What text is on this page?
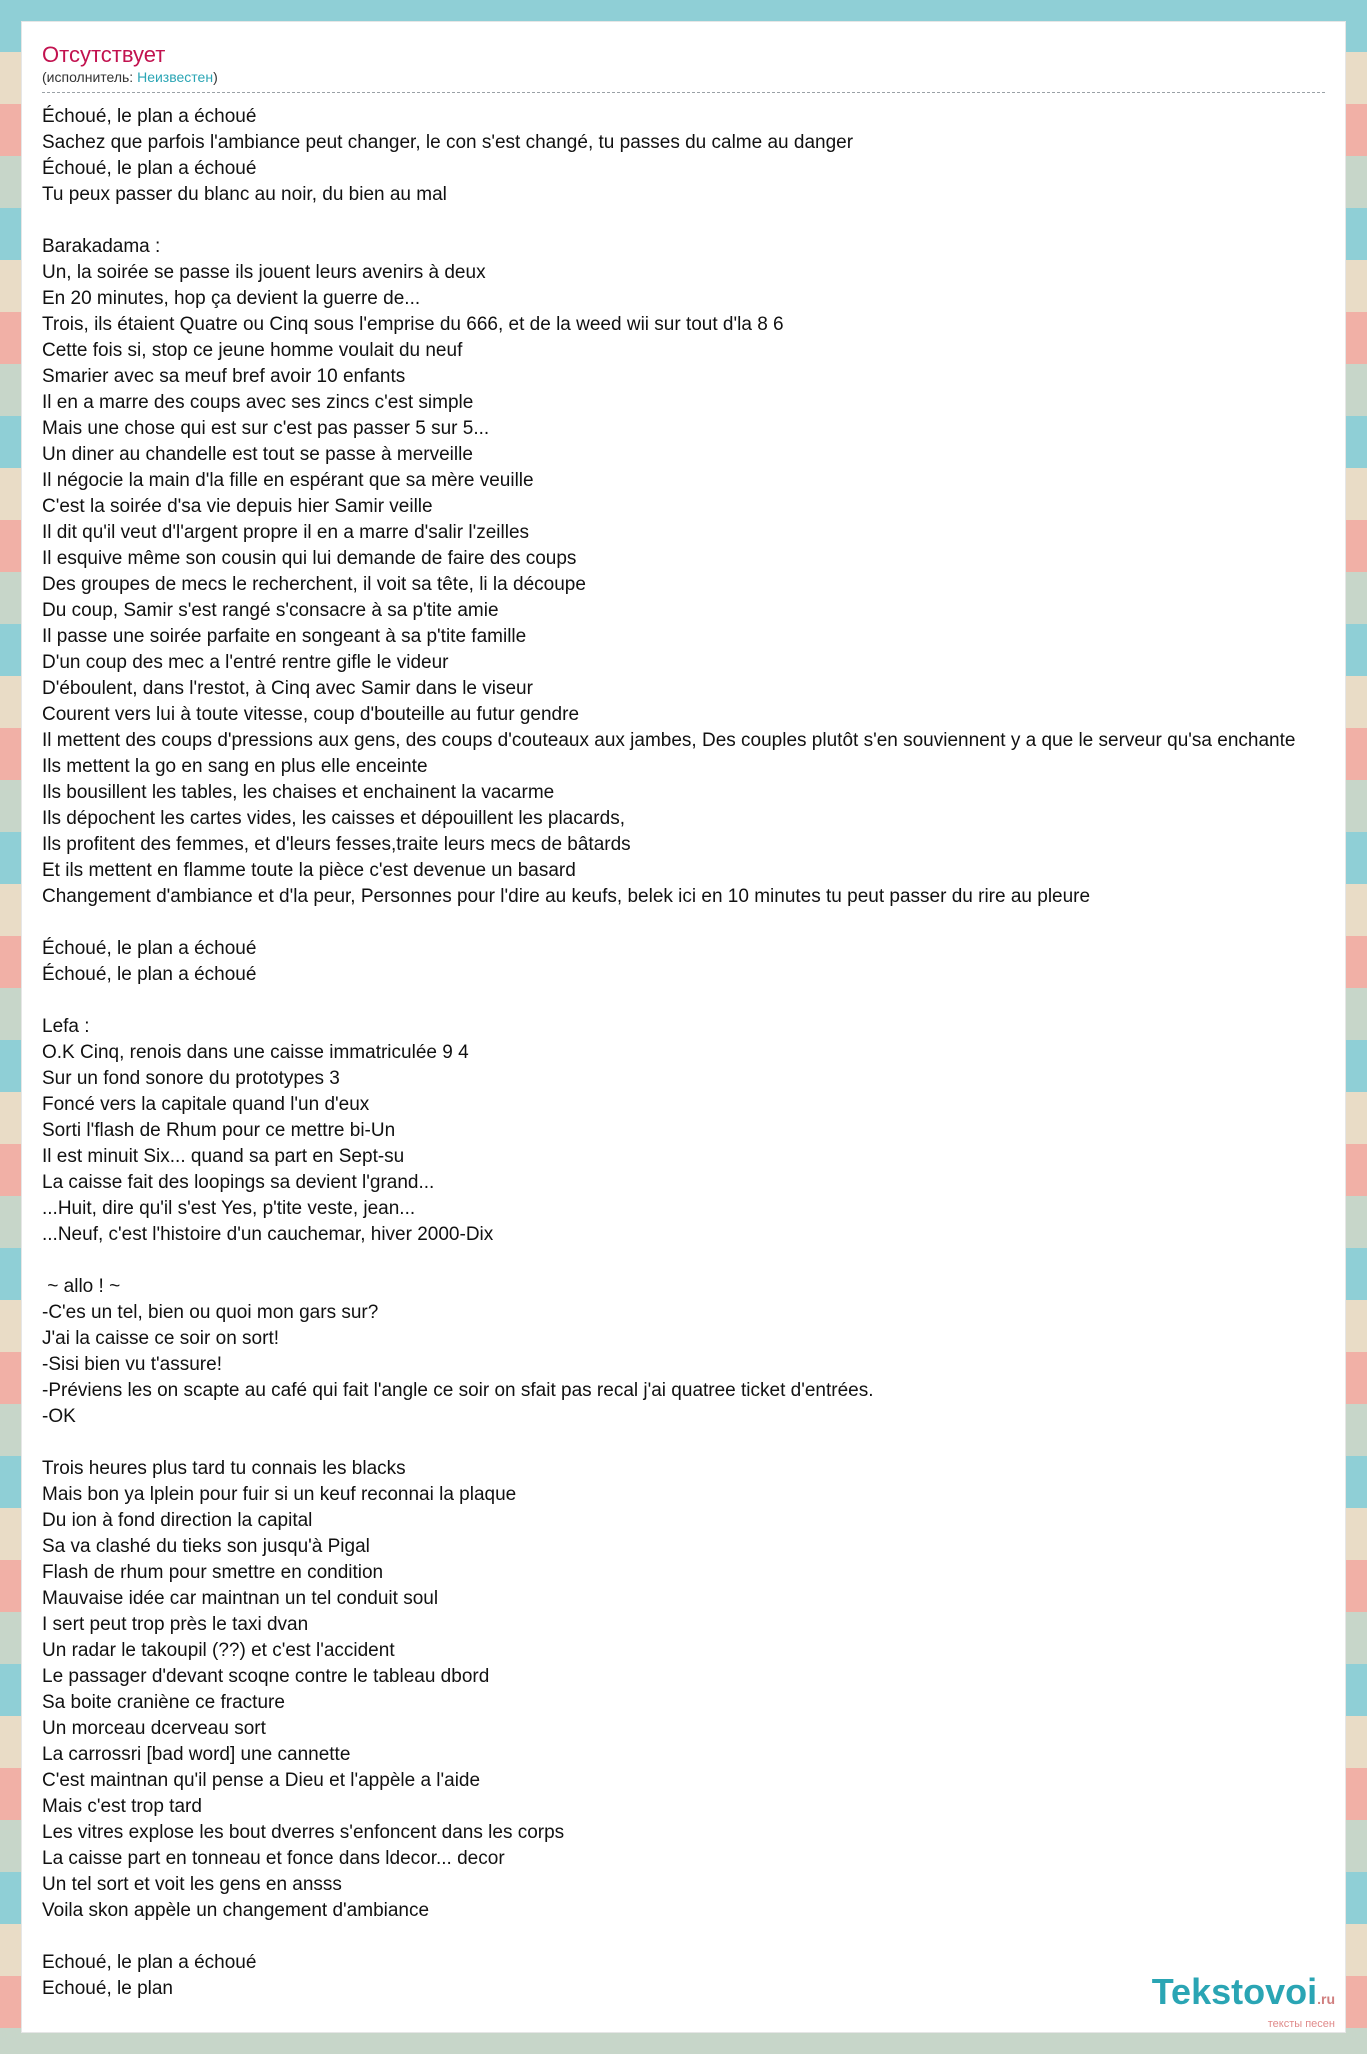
Отсутствует
(исполнитель: Неизвестен)
Échoué, le plan a échoué
Sachez que parfois l'ambiance peut changer, le con s'est changé, tu passes du calme au danger
Échoué, le plan a échoué
Tu peux passer du blanc au noir, du bien au mal
Barakadama :
Un, la soirée se passe ils jouent leurs avenirs à deux
En 20 minutes, hop ça devient la guerre de...
Trois, ils étaient Quatre ou Cinq sous l'emprise du 666, et de la weed wii sur tout d'la 8 6
Cette fois si, stop ce jeune homme voulait du neuf
Smarier avec sa meuf bref avoir 10 enfants
Il en a marre des coups avec ses zincs c'est simple
Mais une chose qui est sur c'est pas passer 5 sur 5...
Un diner au chandelle est tout se passe à merveille
Il négocie la main d'la fille en espérant que sa mère veuille
C'est la soirée d'sa vie depuis hier Samir veille
Il dit qu'il veut d'l'argent propre il en a marre d'salir l'zeilles
Il esquive même son cousin qui lui demande de faire des coups
Des groupes de mecs le recherchent, il voit sa tête, li la découpe
Du coup, Samir s'est rangé s'consacre à sa p'tite amie
Il passe une soirée parfaite en songeant à sa p'tite famille
D'un coup des mec a l'entré rentre gifle le videur
D'éboulent, dans l'restot, à Cinq avec Samir dans le viseur
Courent vers lui à toute vitesse, coup d'bouteille au futur gendre
Il mettent des coups d'pressions aux gens, des coups d'couteaux aux jambes, Des couples plutôt s'en souviennent y a que le serveur qu'sa enchante
Ils mettent la go en sang en plus elle enceinte
Ils bousillent les tables, les chaises et enchainent la vacarme
Ils dépochent les cartes vides, les caisses et dépouillent les placards,
Ils profitent des femmes, et d'leurs fesses,traite leurs mecs de bâtards
Et ils mettent en flamme toute la pièce c'est devenue un basard
Changement d'ambiance et d'la peur, Personnes pour l'dire au keufs, belek ici en 10 minutes tu peut passer du rire au pleure
Échoué, le plan a échoué
Échoué, le plan a échoué
Lefa :
O.K Cinq, renois dans une caisse immatriculée 9 4
Sur un fond sonore du prototypes 3
Foncé vers la capitale quand l'un d'eux
Sorti l'flash de Rhum pour ce mettre bi-Un
Il est minuit Six... quand sa part en Sept-su
La caisse fait des loopings sa devient l'grand...
...Huit, dire qu'il s'est Yes, p'tite veste, jean...
...Neuf, c'est l'histoire d'un cauchemar, hiver 2000-Dix
~ allo ! ~
-C'es un tel, bien ou quoi mon gars sur?
J'ai la caisse ce soir on sort!
-Sisi bien vu t'assure!
-Préviens les on scapte au café qui fait l'angle ce soir on sfait pas recal j'ai quatree ticket d'entrées.
-OK
Trois heures plus tard tu connais les blacks
Mais bon ya lplein pour fuir si un keuf reconnai la plaque
Du ion à fond direction la capital
Sa va clashé du tieks son jusqu'à Pigal
Flash de rhum pour smettre en condition
Mauvaise idée car maintnan un tel conduit soul
I sert peut trop près le taxi dvan
Un radar le takoupil (??) et c'est l'accident
Le passager d'devant scoqne contre le tableau dbord
Sa boite craniène ce fracture
Un morceau dcerveau sort
La carrossri [bad word] une cannette
C'est maintnan qu'il pense a Dieu et l'appèle a l'aide
Mais c'est trop tard
Les vitres explose les bout dverres s'enfoncent dans les corps
La caisse part en tonneau et fonce dans ldecor... decor
Un tel sort et voit les gens en ansss
Voila skon appèle un changement d'ambiance
Echoué, le plan a échoué
Echoué, le plan	Tekstovoi.ru
тексты песен
